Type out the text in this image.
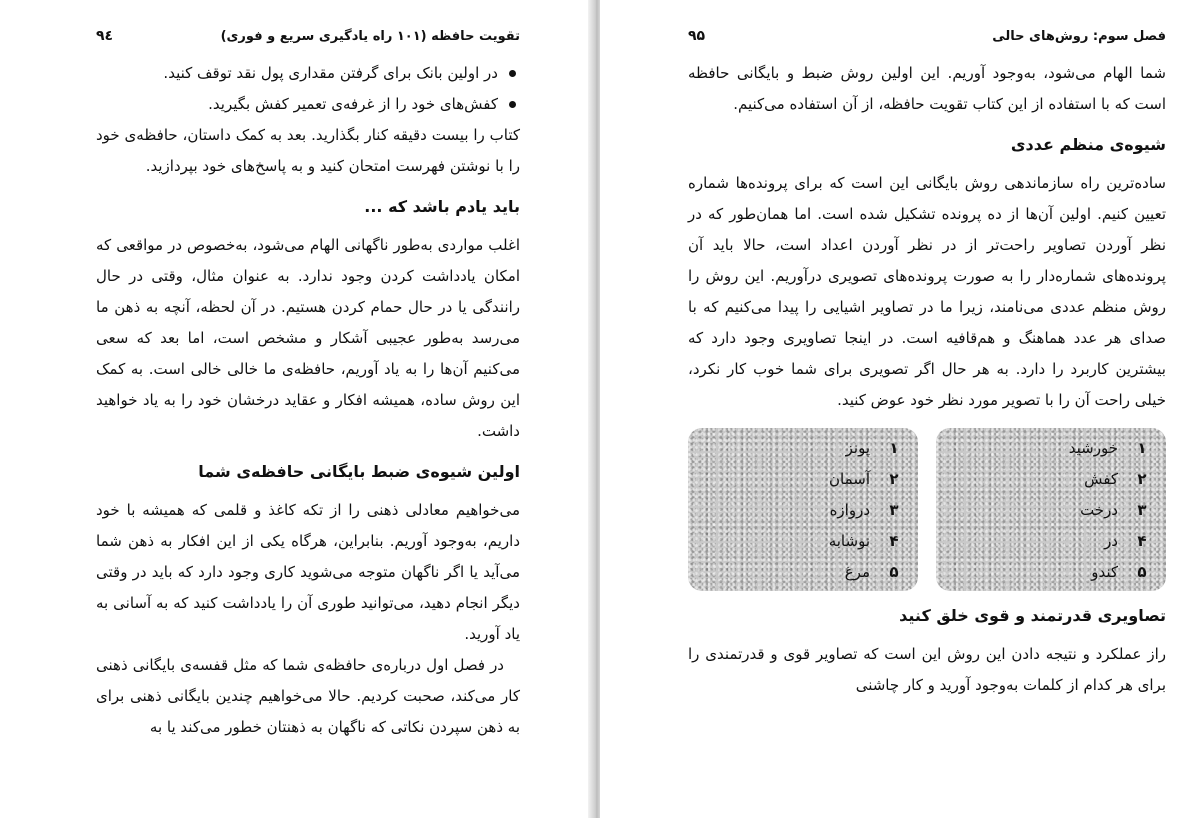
تقویت حافظه (۱۰۱ راه یادگیری سریع و فوری)
۹٤
در اولین بانک برای گرفتن مقداری پول نقد توقف کنید.
کفش‌های خود را از غرفه‌ی تعمیر کفش بگیرید.

کتاب را بیست دقیقه کنار بگذارید. بعد به کمک داستان، حافظه‌ی خود را با نوشتن فهرست امتحان کنید و به پاسخ‌های خود بپردازید.

باید یادم باشد که ...

اغلب مواردی به‌طور ناگهانی الهام می‌شود، به‌خصوص در مواقعی که امکان یادداشت کردن وجود ندارد. به عنوان مثال، وقتی در حال رانندگی یا در حال حمام کردن هستیم. در آن لحظه، آنچه به ذهن ما می‌رسد به‌طور عجیبی آشکار و مشخص است، اما بعد که سعی می‌کنیم آن‌ها را به یاد آوریم، حافظه‌ی ما خالی خالی است. به کمک این روش ساده، همیشه افکار و عقاید درخشان خود را به یاد خواهید داشت.

اولین شیوه‌ی ضبط بایگانی حافظه‌ی شما

می‌خواهیم معادلی ذهنی را از تکه کاغذ و قلمی که همیشه با خود داریم، به‌وجود آوریم. بنابراین، هرگاه یکی از این افکار به ذهن شما می‌آید یا اگر ناگهان متوجه می‌شوید کاری وجود دارد که باید در وقتی دیگر انجام دهید، می‌توانید طوری آن را یادداشت کنید که به آسانی به یاد آورید.

در فصل اول درباره‌ی حافظه‌ی شما که مثل قفسه‌ی بایگانی ذهنی کار می‌کند، صحبت کردیم. حالا می‌خواهیم چندین بایگانی ذهنی برای به ذهن سپردن نکاتی که ناگهان به ذهنتان خطور می‌کند یا به

فصل سوم: روش‌های حالی
۹۵

شما الهام می‌شود، به‌وجود آوریم. این اولین روش ضبط و بایگانی حافظه است که با استفاده از این کتاب تقویت حافظه، از آن استفاده می‌کنیم.

شیوه‌ی منظم عددی

ساده‌ترین راه سازماندهی روش بایگانی این است که برای پرونده‌ها شماره تعیین کنیم. اولین آن‌ها از ده پرونده تشکیل شده است. اما همان‌طور که در نظر آوردن تصاویر راحت‌تر از در نظر آوردن اعداد است، حالا باید آن پرونده‌های شماره‌دار را به صورت پرونده‌های تصویری درآوریم. این روش را روش منظم عددی می‌نامند، زیرا ما در تصاویر اشیایی را پیدا می‌کنیم که با صدای هر عدد هماهنگ و هم‌قافیه است. در اینجا تصاویری وجود دارد که بیشترین کاربرد را دارد. به هر حال اگر تصویری برای شما خوب کار نکرد، خیلی راحت آن را با تصویر مورد نظر خود عوض کنید.

۱
خورشید
۲
کفش
۳
درخت
۴
در
۵
کندو
۱
پونز
۲
آسمان
۳
دروازه
۴
نوشابه
۵
مرغ
تصاویری قدرتمند و قوی خلق کنید

راز عملکرد و نتیجه دادن این روش این است که تصاویر قوی و قدرتمندی را برای هر کدام از کلمات به‌وجود آورید و کار چاشنی
